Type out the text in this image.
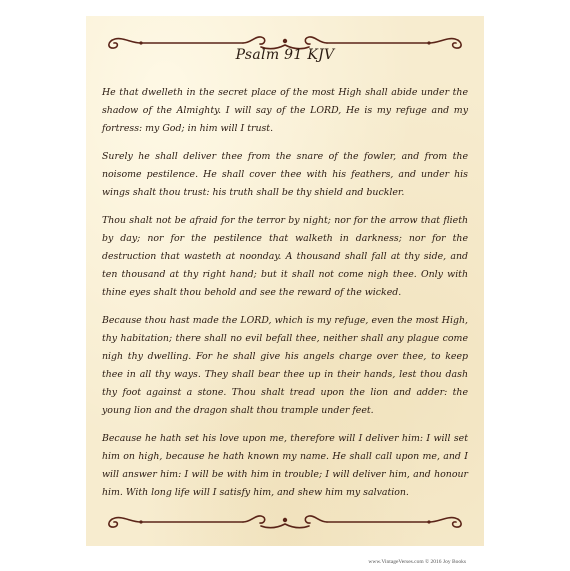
Psalm 91 KJV

He that dwelleth in the secret place of the most High shall abide under the shadow of the Almighty. I will say of the LORD, He is my refuge and my fortress: my God; in him will I trust.

Surely he shall deliver thee from the snare of the fowler, and from the noisome pestilence. He shall cover thee with his feathers, and under his wings shalt thou trust: his truth shall be thy shield and buckler.

Thou shalt not be afraid for the terror by night; nor for the arrow that flieth by day; nor for the pestilence that walketh in darkness; nor for the destruction that wasteth at noonday. A thousand shall fall at thy side, and ten thousand at thy right hand; but it shall not come nigh thee. Only with thine eyes shalt thou behold and see the reward of the wicked.

Because thou hast made the LORD, which is my refuge, even the most High, thy habitation; there shall no evil befall thee, neither shall any plague come nigh thy dwelling. For he shall give his angels charge over thee, to keep thee in all thy ways. They shall bear thee up in their hands, lest thou dash thy foot against a stone. Thou shalt tread upon the lion and adder: the young lion and the dragon shalt thou trample under feet.

Because he hath set his love upon me, therefore will I deliver him: I will set him on high, because he hath known my name. He shall call upon me, and I will answer him: I will be with him in trouble; I will deliver him, and honour him. With long life will I satisfy him, and shew him my salvation.

www.VintageVerses.com © 2016 Joy Books
